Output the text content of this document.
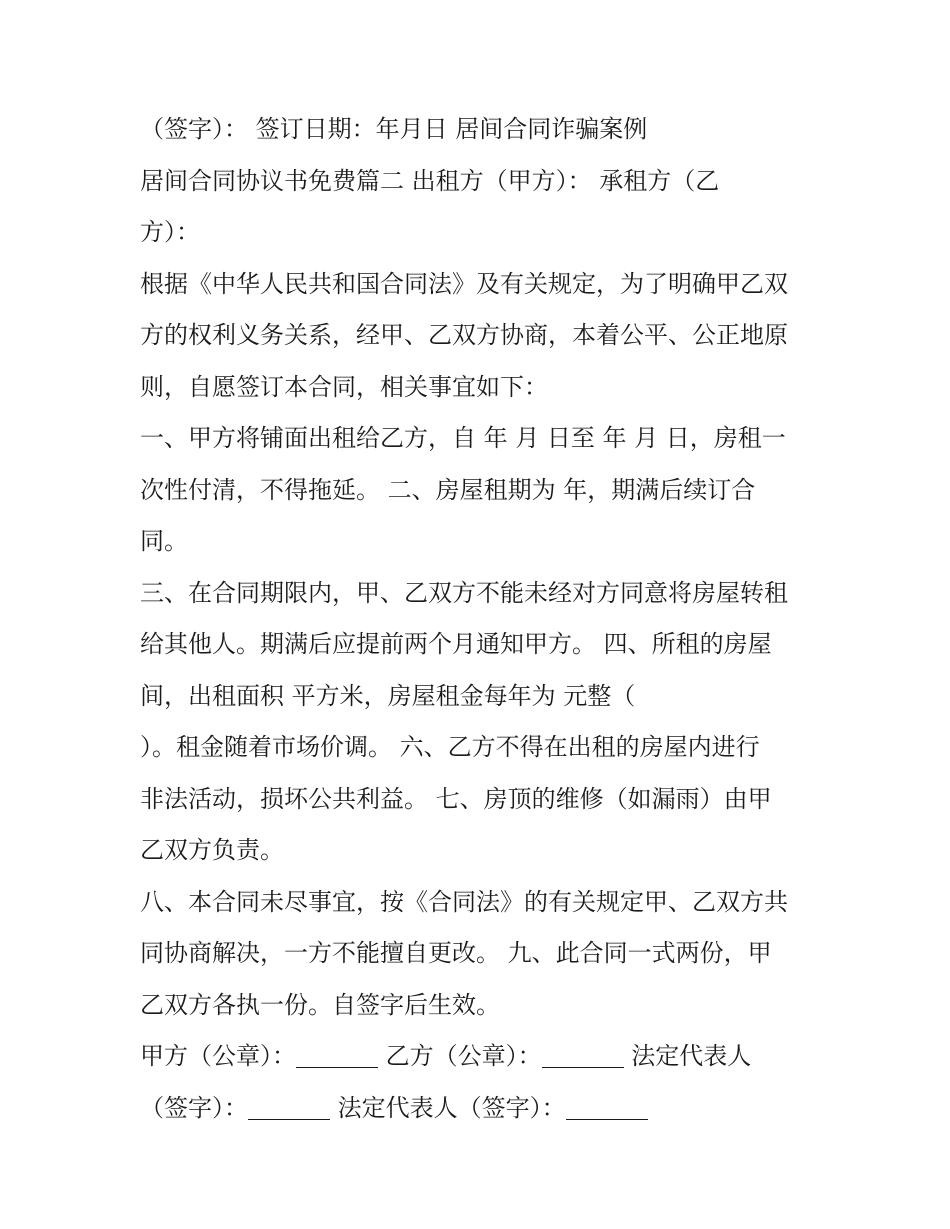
（签字）： 签订日期：年月日 居间合同诈骗案例
居间合同协议书免费篇二 出租方（甲方）： 承租方（乙
方）：
根据《中华人民共和国合同法》及有关规定，为了明确甲乙双
方的权利义务关系，经甲、乙双方协商，本着公平、公正地原
则，自愿签订本合同，相关事宜如下：
一、甲方将铺面出租给乙方，自 年 月 日至 年 月 日，房租一
次性付清，不得拖延。 二、房屋租期为 年，期满后续订合
同。
三、在合同期限内，甲、乙双方不能未经对方同意将房屋转租
给其他人。期满后应提前两个月通知甲方。 四、所租的房屋
间，出租面积 平方米，房屋租金每年为 元整（
）。租金随着市场价调。 六、乙方不得在出租的房屋内进行
非法活动，损坏公共利益。 七、房顶的维修（如漏雨）由甲
乙双方负责。
八、本合同未尽事宜，按《合同法》的有关规定甲、乙双方共
同协商解决，一方不能擅自更改。 九、此合同一式两份，甲
乙双方各执一份。自签字后生效。
甲方（公章）：	乙方（公章）：	法定代表人
（签字）：	法定代表人（签字）：
